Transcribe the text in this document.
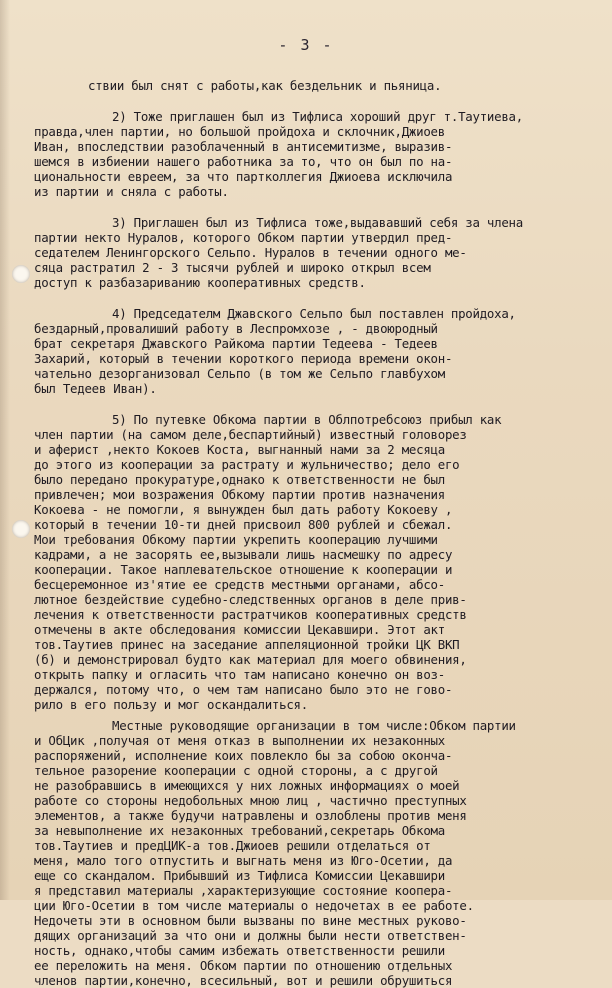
- 3 -
ствии был снят с работы,как бездельник и пьяница.
2) Тоже приглашен был из Тифлиса хороший друг т.Таутиева,
правда,член партии, но большой пройдоха и склочник,Джиоев
Иван, впоследствии разоблаченный в антисемитизме, выразив-
шемся в избиении нашего работника за то, что он был по на-
циональности евреем, за что партколлегия Джиоева исключила
из партии и сняла с работы.
3) Приглашен был из Тифлиса тоже,выдававший себя за члена
партии некто Нуралов, которого Обком партии утвердил пред-
седателем Ленингорского Сельпо. Нуралов в течении одного ме-
сяца растратил 2 - 3 тысячи рублей и широко открыл всем
доступ к разбазариванию кооперативных средств.
4) Председателм Джавского Сельпо был поставлен пройдоха,
бездарный,провалиший работу в Леспромхозе , - двоюродный
брат секретаря Джавского Райкома партии Тедеева - Тедеев
Захарий, который в течении короткого периода времени окон-
чательно дезорганизовал Сельпо (в том же Сельпо главбухом
был Тедеев Иван).
5) По путевке Обкома партии в Облпотребсоюз прибыл как
член партии (на самом деле,беспартийный) известный головорез
и аферист ,некто Кокоев Коста, выгнанный нами за 2 месяца
до этого из кооперации за растрату и жульничество; дело его
было передано прокуратуре,однако к ответственности не был
привлечен; мои возражения Обкому партии против назначения
Кокоева - не помогли, я вынужден был дать работу Кокоеву ,
который в течении 10-ти дней присвоил 800 рублей и сбежал.
Мои требования Обкому партии укрепить кооперацию лучшими
кадрами, а не засорять ее,вызывали лишь насмешку по адресу
кооперации. Такое наплевательское отношение к кооперации и
бесцеремонное из'ятие ее средств местными органами, абсо-
лютное бездействие судебно-следственных органов в деле прив-
лечения к ответственности растратчиков кооперативных средств
отмечены в акте обследования комиссии Цекавшири. Этот акт
тов.Таутиев принес на заседание аппеляционной тройки ЦК ВКП
(б) и демонстрировал будто как материал для моего обвинения,
открыть папку и огласить что там написано конечно он воз-
держался, потому что, о чем там написано было это не гово-
рило в его пользу и мог оскандалиться.
Местные руководящие организации в том числе:Обком партии
и ОбЦик ,получая от меня отказ в выполнении их незаконных
распоряжений, исполнение коих повлекло бы за собою оконча-
тельное разорение кооперации с одной стороны, а с другой
не разобравшись в имеющихся у них ложных информациях о моей
работе со стороны недобольных мною лиц , частично преступных
элементов, а также будучи натравлены и озлоблены против меня
за невыполнение их незаконных требований,секретарь Обкома
тов.Таутиев и предЦИК-а тов.Джиоев решили отделаться от
меня, мало того отпустить и выгнать меня из Юго-Осетии, да
еще со скандалом. Прибывший из Тифлиса Комиссии Цекавшири
я представил материалы ,характеризующие состояние коопера-
ции Юго-Осетии в том числе материалы о недочетах в ее работе.
Недочеты эти в основном были вызваны по вине местных руково-
дящих организаций за что они и должны были нести ответствен-
ность, однако,чтобы самим избежать ответственности решили
ее переложить на меня. Обком партии по отношению отдельных
членов партии,конечно, всесильный, вот и решили обрушиться
